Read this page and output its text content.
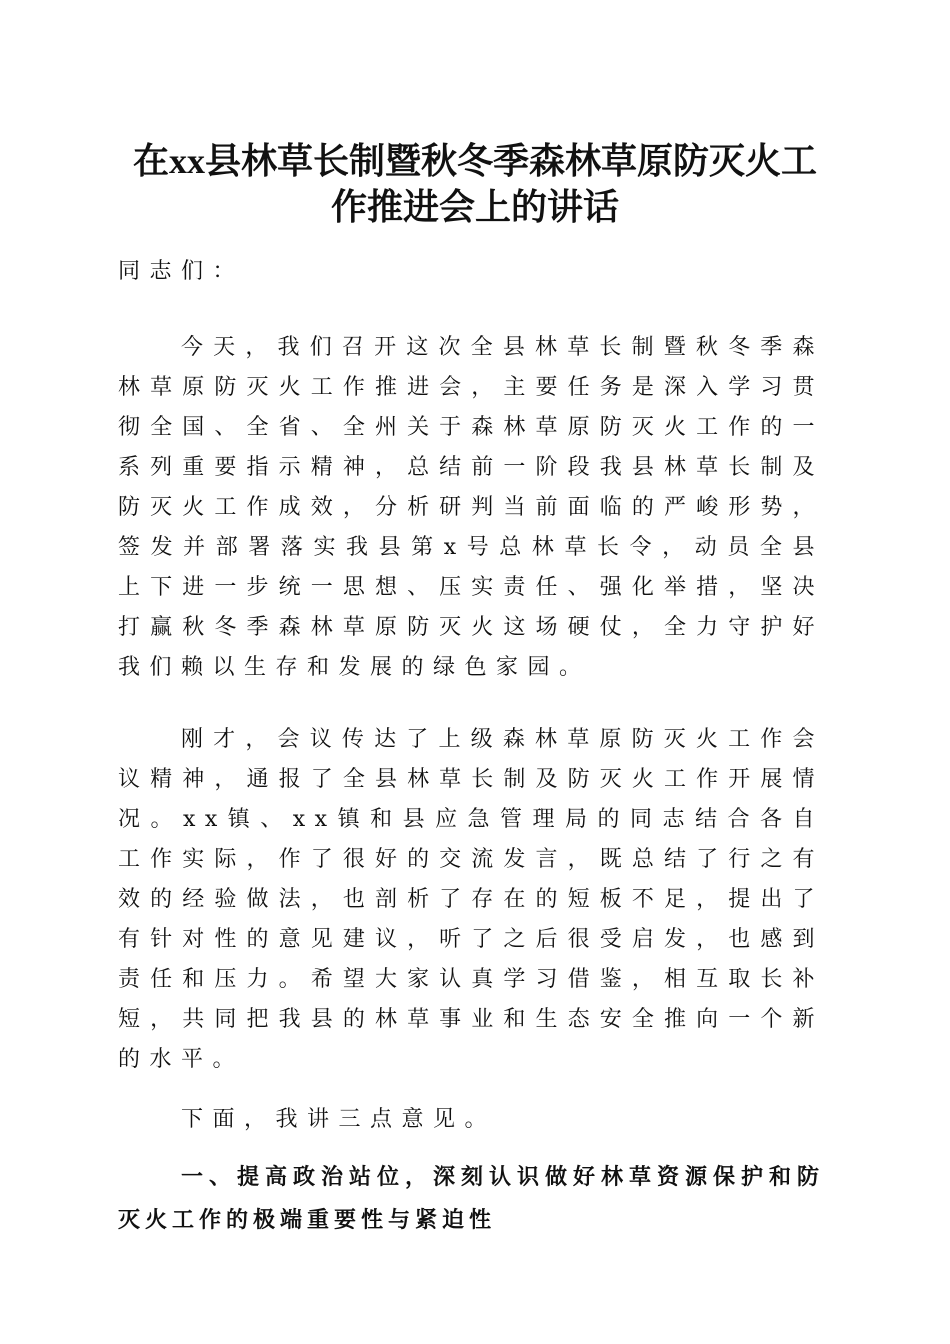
在xx县林草长制暨秋冬季森林草原防灭火工
作推进会上的讲话

同志们：

今天，我们召开这次全县林草长制暨秋冬季森林草原防灭火工作推进会，主要任务是深入学习贯彻全国、全省、全州关于森林草原防灭火工作的一系列重要指示精神，总结前一阶段我县林草长制及防灭火工作成效，分析研判当前面临的严峻形势，签发并部署落实我县第x号总林草长令，动员全县上下进一步统一思想、压实责任、强化举措，坚决打赢秋冬季森林草原防灭火这场硬仗，全力守护好我们赖以生存和发展的绿色家园。

刚才，会议传达了上级森林草原防灭火工作会议精神，通报了全县林草长制及防灭火工作开展情况。xx镇、xx镇和县应急管理局的同志结合各自工作实际，作了很好的交流发言，既总结了行之有效的经验做法，也剖析了存在的短板不足，提出了有针对性的意见建议，听了之后很受启发，也感到责任和压力。希望大家认真学习借鉴，相互取长补短，共同把我县的林草事业和生态安全推向一个新的水平。

下面，我讲三点意见。

一、提高政治站位，深刻认识做好林草资源保护和防灭火工作的极端重要性与紧迫性
